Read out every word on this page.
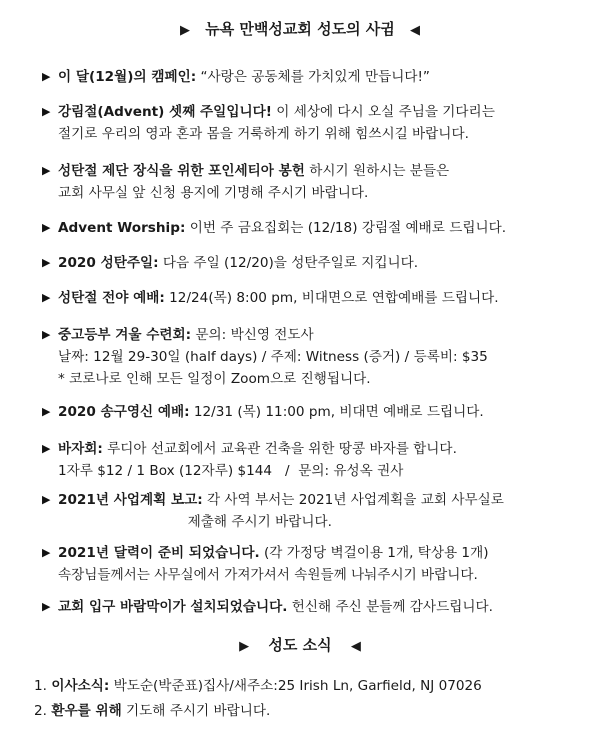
▶ 뉴욕 만백성교회 성도의 사귐 ◀
▶ 이 달(12월)의 캠페인: “사랑은 공동체를 가치있게 만듭니다!”
▶ 강림절(Advent) 셋째 주일입니다! 이 세상에 다시 오실 주님을 기다리는
절기로 우리의 영과 혼과 몸을 거룩하게 하기 위해 힘쓰시길 바랍니다.
▶ 성탄절 제단 장식을 위한 포인세티아 봉헌 하시기 원하시는 분들은
교회 사무실 앞 신청 용지에 기명해 주시기 바랍니다.
▶ Advent Worship: 이번 주 금요집회는 (12/18) 강림절 예배로 드립니다.
▶ 2020 성탄주일: 다음 주일 (12/20)을 성탄주일로 지킵니다.
▶ 성탄절 전야 예배: 12/24(목) 8:00 pm, 비대면으로 연합예배를 드립니다.
▶ 중고등부 겨울 수련회: 문의: 박신영 전도사
날짜: 12월 29-30일 (half days) / 주제: Witness (증거) / 등록비: $35
* 코로나로 인해 모든 일정이 Zoom으로 진행됩니다.
▶ 2020 송구영신 예배: 12/31 (목) 11:00 pm, 비대면 예배로 드립니다.
▶ 바자회: 루디아 선교회에서 교육관 건축을 위한 땅콩 바자를 합니다.
1자루 $12 / 1 Box (12자루) $144   /  문의: 유성옥 권사
▶ 2021년 사업계획 보고: 각 사역 부서는 2021년 사업계획을 교회 사무실로
제출해 주시기 바랍니다.
▶ 2021년 달력이 준비 되었습니다. (각 가정당 벽걸이용 1개, 탁상용 1개)
속장님들께서는 사무실에서 가져가셔서 속원들께 나눠주시기 바랍니다.
▶ 교회 입구 바람막이가 설치되었습니다. 헌신해 주신 분들께 감사드립니다.
▶ 성도 소식 ◀
1. 이사소식: 박도순(박준표)집사/새주소:25 Irish Ln, Garfield, NJ 07026
2. 환우를 위해 기도해 주시기 바랍니다.
